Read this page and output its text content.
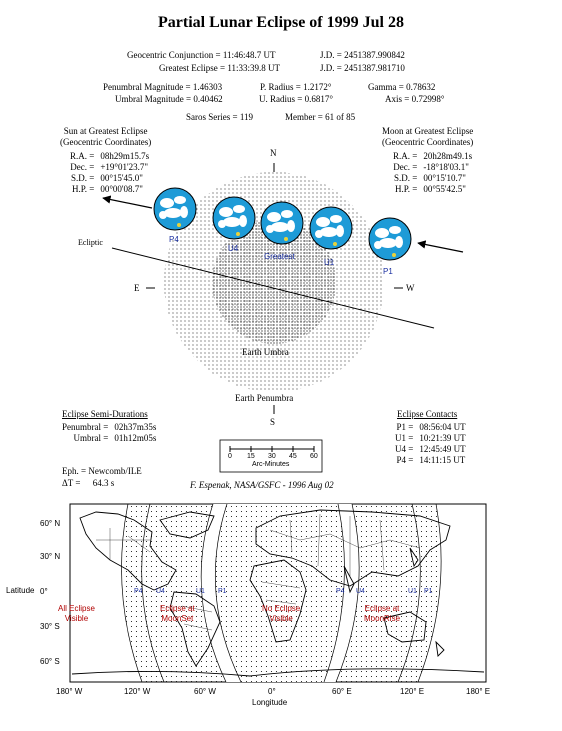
Partial Lunar Eclipse of 1999 Jul 28
Geocentric Conjunction = 11:46:48.7 UT	J.D. = 2451387.990842
Greatest Eclipse = 11:33:39.8 UT	J.D. = 2451387.981710
Penumbral Magnitude = 1.46303	P. Radius = 1.2172°	Gamma = 0.78632
Umbral Magnitude = 0.40462	U. Radius = 0.6817°	Axis = 0.72998°
Saros Series = 119	Member = 61 of 85
Sun at Greatest Eclipse
(Geocentric Coordinates)
R.A. = 08h29m15.7s
Dec. = +19°01'23.7"
S.D. = 00°15'45.0"
H.P. = 00°00'08.7"
Moon at Greatest Eclipse
(Geocentric Coordinates)
R.A. = 20h28m49.1s
Dec. = -18°18'03.1"
S.D. = 00°15'10.7"
H.P. = 00°55'42.5"
N
S
E	W
Ecliptic
Earth Umbra
Earth Penumbra
P4
U4
Greatest
U1
P1
Eclipse Semi-Durations
Penumbral = 02h37m35s
Umbral = 01h12m05s
Eclipse Contacts
P1 = 08:56:04 UT
U1 = 10:21:39 UT
U4 = 12:45:49 UT
P4 = 14:11:15 UT
0 15 30 45 60
Arc-Minutes
Eph. = Newcomb/ILE
ΔT = 64.3 s	F. Espenak, NASA/GSFC - 1996 Aug 02
60° N
30° N
0°
30° S
60° S
180° W	120° W	60° W	0°	60° E	120° E	180° E
Latitude
Longitude
All Eclipse
Visible
Eclipse at
MoonSet
No Eclipse
Visible
Eclipse at
MoonRise
P4 U4	U1 P1	P4 U4	U1 P1
